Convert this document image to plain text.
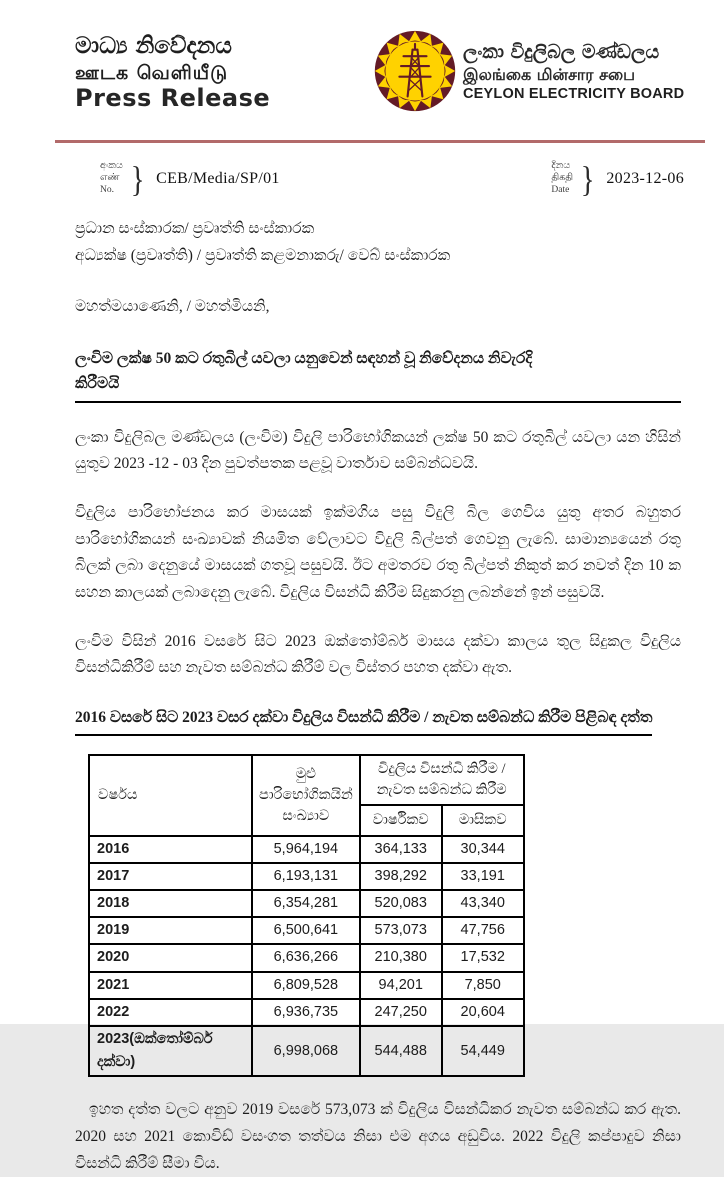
මාධ්‍ය නිවේදනය
ஊடக வெளியீடு
Press Release
ලංකා විදුලිබල මණ්ඩලය
இலங்கை மின்சார சபை
CEYLON ELECTRICITY BOARD
අංකය
எண்
No. } CEB/Media/SP/01
දිනය
திகதி
Date } 2023-12-06
ප්‍රධාන සංස්කාරක/ ප්‍රවෘත්ති සංස්කාරක
අධ්‍යක්ෂ (ප්‍රවෘත්ති) / ප්‍රවෘත්ති කළමනාකරු/ වෙබ් සංස්කාරක
මහත්මයාණෙනි, / මහත්මියනි,
ලංවිම ලක්ෂ 50 කට රතුබිල් යවලා යනුවෙන් සඳහන් වූ නිවේදනය නිවැරදි කිරීමයි

ලංකා විදුලිබල මණ්ඩලය (ලංවිම) විදුලි පාරිභෝගිකයන් ලක්ෂ 50 කට රතුබිල් යවලා යන හිසින් යුතුව 2023 -12 - 03 දින පුවත්පතක පළවූ වාර්තාව සම්බන්ධවයි.

විදුලිය පාරිභෝජනය කර මාසයක් ඉක්මගිය පසු විදුලි බිල ගෙවිය යුතු අතර බහුතර පාරිභෝගිකයන් සංඛ්‍යාවක් නියමිත වේලාවට විදුලි බිල්පත් ගෙවනු ලැබේ. සාමාන්‍යයෙන් රතු බිලක් ලබා දෙනුයේ මාසයක් ගතවූ පසුවයි. ඊට අමතරව රතු බිල්පත් නිකුත් කර නවත් දින 10 ක සහන කාලයක් ලබාදෙනු ලැබේ. විදුලිය විසන්ධි කිරීම සිදුකරනු ලබන්නේ ඉන් පසුවයි.

ලංවිම විසින් 2016 වසරේ සිට 2023 ඔක්තෝම්බර් මාසය දක්වා කාලය තුල සිදුකල විදුලිය විසන්ධිකිරීම් සහ නැවත සම්බන්ධ කිරීම් වල විස්තර පහත දක්වා ඇත.

2016 වසරේ සිට 2023 වසර දක්වා විදුලිය විසන්ධි කිරීම / නැවත සම්බන්ධ කිරීම පිළිබඳ දත්ත
වර්ෂය	මුළු පාරිභෝගිකයින් සංඛ්‍යාව	විදුලිය විසන්ධි කිරීම / නැවත සම්බන්ධ කිරීම	
		වාර්ෂිකව	මාසිකව
2016	5,964,194	364,133	30,344
2017	6,193,131	398,292	33,191
2018	6,354,281	520,083	43,340
2019	6,500,641	573,073	47,756
2020	6,636,266	210,380	17,532
2021	6,809,528	94,201	7,850
2022	6,936,735	247,250	20,604
2023(ඔක්තෝම්බර් දක්වා)	6,998,068	544,488	54,449

ඉහත දත්ත වලට අනුව 2019 වසරේ 573,073 ක් විදුලිය විසන්ධිකර නැවත සම්බන්ධ කර ඇත. 2020 සහ 2021 කොවිඩ් වසංගත තත්වය නිසා එම අගය අඩුවිය. 2022 විදුලි කප්පාදුව නිසා විසන්ධි කිරීම් සීමා විය.
